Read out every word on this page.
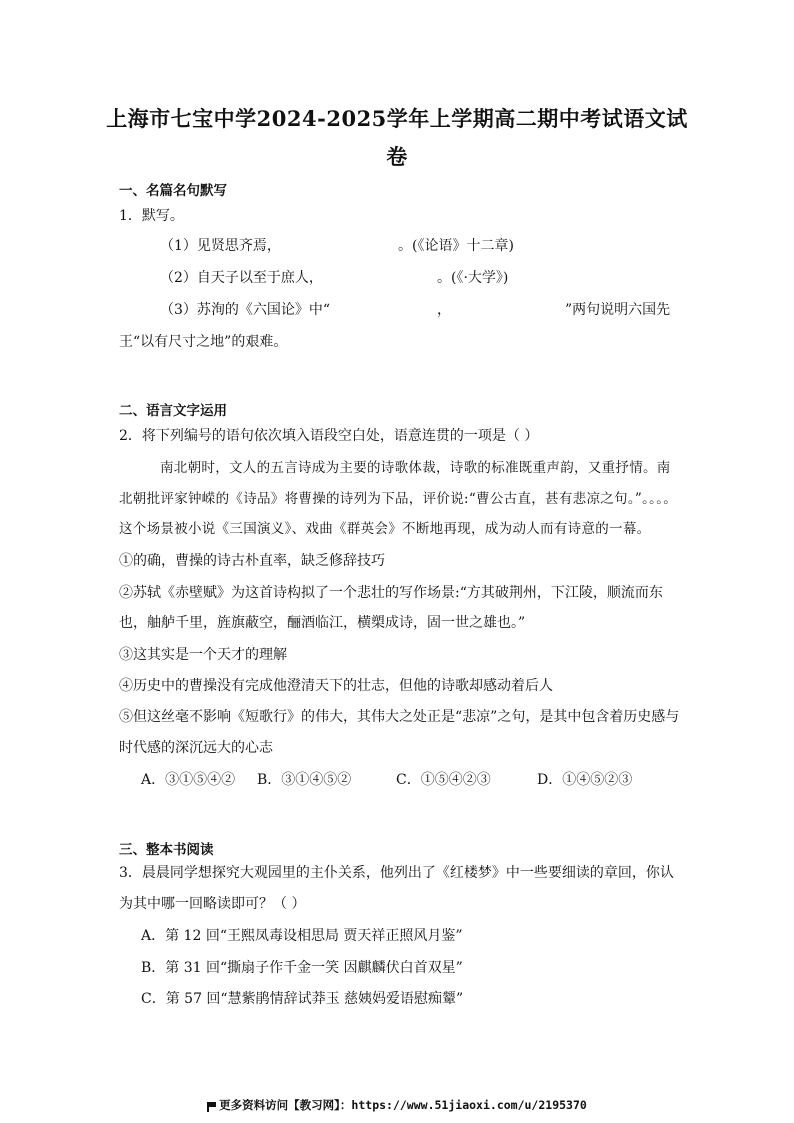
上海市七宝中学2024-2025学年上学期高二期中考试语文试
卷
一、名篇名句默写
1．默写。
（1）见贤思齐焉，	。(《论语》十二章)
（2）自天子以至于庶人，	。(《·大学》)
（3）苏洵的《六国论》中“	，	”两句说明六国先
王“以有尺寸之地”的艰难。
二、语言文字运用
2．将下列编号的语句依次填入语段空白处，语意连贯的一项是（ ）
南北朝时，文人的五言诗成为主要的诗歌体裁，诗歌的标准既重声韵，又重抒情。南
北朝批评家钟嵘的《诗品》将曹操的诗列为下品，评价说:“曹公古直，甚有悲凉之句。”。。。。
这个场景被小说《三国演义》、戏曲《群英会》不断地再现，成为动人而有诗意的一幕。
①的确，曹操的诗古朴直率，缺乏修辞技巧
②苏轼《赤壁赋》为这首诗构拟了一个悲壮的写作场景:“方其破荆州，下江陵，顺流而东
也，舳舻千里，旌旗蔽空，酾酒临江，横槊成诗，固一世之雄也。”
③这其实是一个天才的理解
④历史中的曹操没有完成他澄清天下的壮志，但他的诗歌却感动着后人
⑤但这丝毫不影响《短歌行》的伟大，其伟大之处正是“悲凉”之句，是其中包含着历史感与
时代感的深沉远大的心志
A．③①⑤④② B．③①④⑤②	C．①⑤④②③	D．①④⑤②③
三、整本书阅读
3．晨晨同学想探究大观园里的主仆关系，他列出了《红楼梦》中一些要细读的章回，你认
为其中哪一回略读即可？（ ）
A．第 12 回“王熙凤毒设相思局 贾天祥正照风月鉴”
B．第 31 回“撕扇子作千金一笑 因麒麟伏白首双星”
C．第 57 回“慧紫鹃情辞试莽玉 慈姨妈爱语慰痴颦”
更多资料访问【教习网】：https://www.51jiaoxi.com/u/2195370
